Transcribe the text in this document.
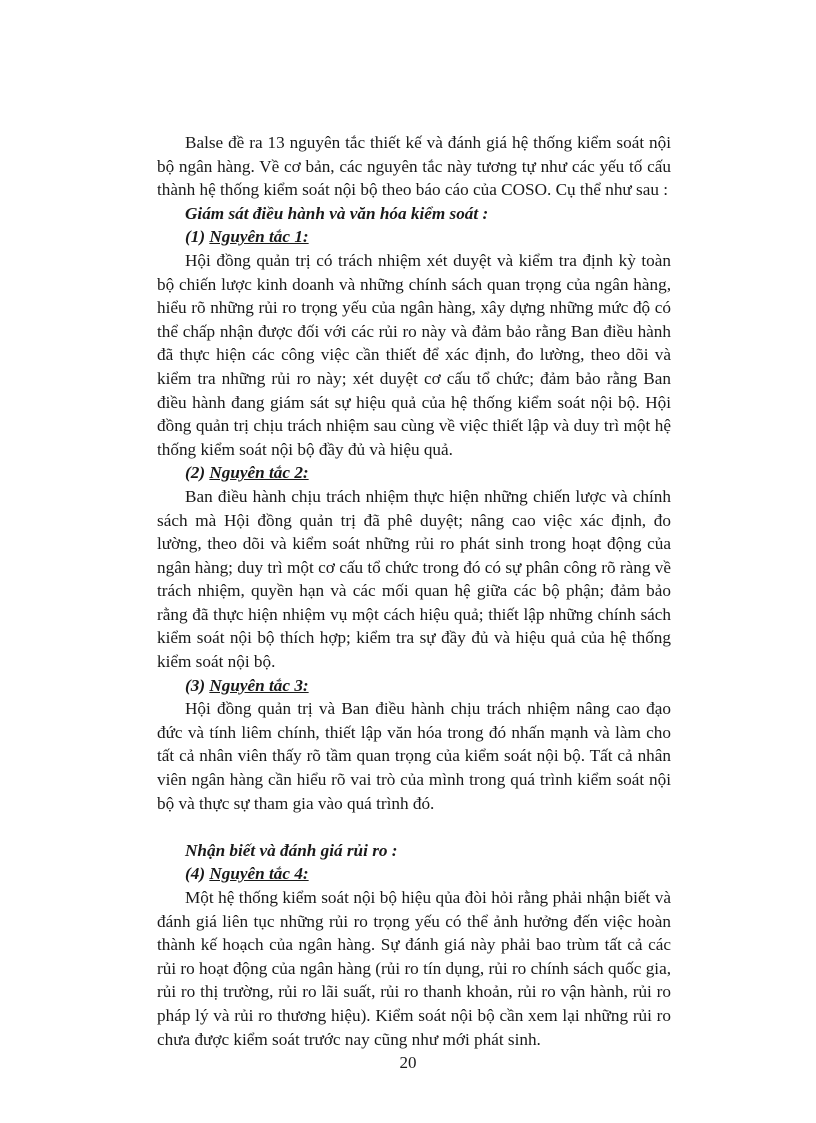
Balse đề ra 13 nguyên tắc thiết kế và đánh giá hệ thống kiểm soát nội bộ ngân hàng. Về cơ bản, các nguyên tắc này tương tự như các yếu tố cấu thành hệ thống kiểm soát nội bộ theo báo cáo của COSO. Cụ thể như sau :

Giám sát điều hành và văn hóa kiểm soát :

(1) Nguyên tắc 1:

Hội đồng quản trị có trách nhiệm xét duyệt và kiểm tra định kỳ toàn bộ chiến lược kinh doanh và những chính sách quan trọng của ngân hàng, hiểu rõ những rủi ro trọng yếu của ngân hàng, xây dựng những mức độ có thể chấp nhận được đối với các rủi ro này và đảm bảo rằng Ban điều hành đã thực hiện các công việc cần thiết để xác định, đo lường, theo dõi và kiểm tra những rủi ro này; xét duyệt cơ cấu tổ chức; đảm bảo rằng Ban điều hành đang giám sát sự hiệu quả của hệ thống kiểm soát nội bộ. Hội đồng quản trị chịu trách nhiệm sau cùng về việc thiết lập và duy trì một hệ thống kiểm soát nội bộ đầy đủ và hiệu quả.

(2) Nguyên tắc 2:

Ban điều hành chịu trách nhiệm thực hiện những chiến lược và chính sách mà Hội đồng quản trị đã phê duyệt; nâng cao việc xác định, đo lường, theo dõi và kiểm soát những rủi ro phát sinh trong hoạt động của ngân hàng; duy trì một cơ cấu tổ chức trong đó có sự phân công rõ ràng về trách nhiệm, quyền hạn và các mối quan hệ giữa các bộ phận; đảm bảo rằng đã thực hiện nhiệm vụ một cách hiệu quả; thiết lập những chính sách kiểm soát nội bộ thích hợp; kiểm tra sự đầy đủ và hiệu quả của hệ thống kiểm soát nội bộ.

(3) Nguyên tắc 3:

Hội đồng quản trị và Ban điều hành chịu trách nhiệm nâng cao đạo đức và tính liêm chính, thiết lập văn hóa trong đó nhấn mạnh và làm cho tất cả nhân viên thấy rõ tầm quan trọng của kiểm soát nội bộ. Tất cả nhân viên ngân hàng cần hiểu rõ vai trò của mình trong quá trình kiểm soát nội bộ và thực sự tham gia vào quá trình đó.

Nhận biết và đánh giá rủi ro :

(4) Nguyên tắc 4:

Một hệ thống kiểm soát nội bộ hiệu qủa đòi hỏi rằng phải nhận biết và đánh giá liên tục những rủi ro trọng yếu có thể ảnh hưởng đến việc hoàn thành kế hoạch của ngân hàng. Sự đánh giá này phải bao trùm tất cả các rủi ro hoạt động của ngân hàng (rủi ro tín dụng, rủi ro chính sách quốc gia, rủi ro thị trường, rủi ro lãi suất, rủi ro thanh khoản, rủi ro vận hành, rủi ro pháp lý và rủi ro thương hiệu). Kiểm soát nội bộ cần xem lại những rủi ro chưa được kiểm soát trước nay cũng như mới phát sinh.

20
